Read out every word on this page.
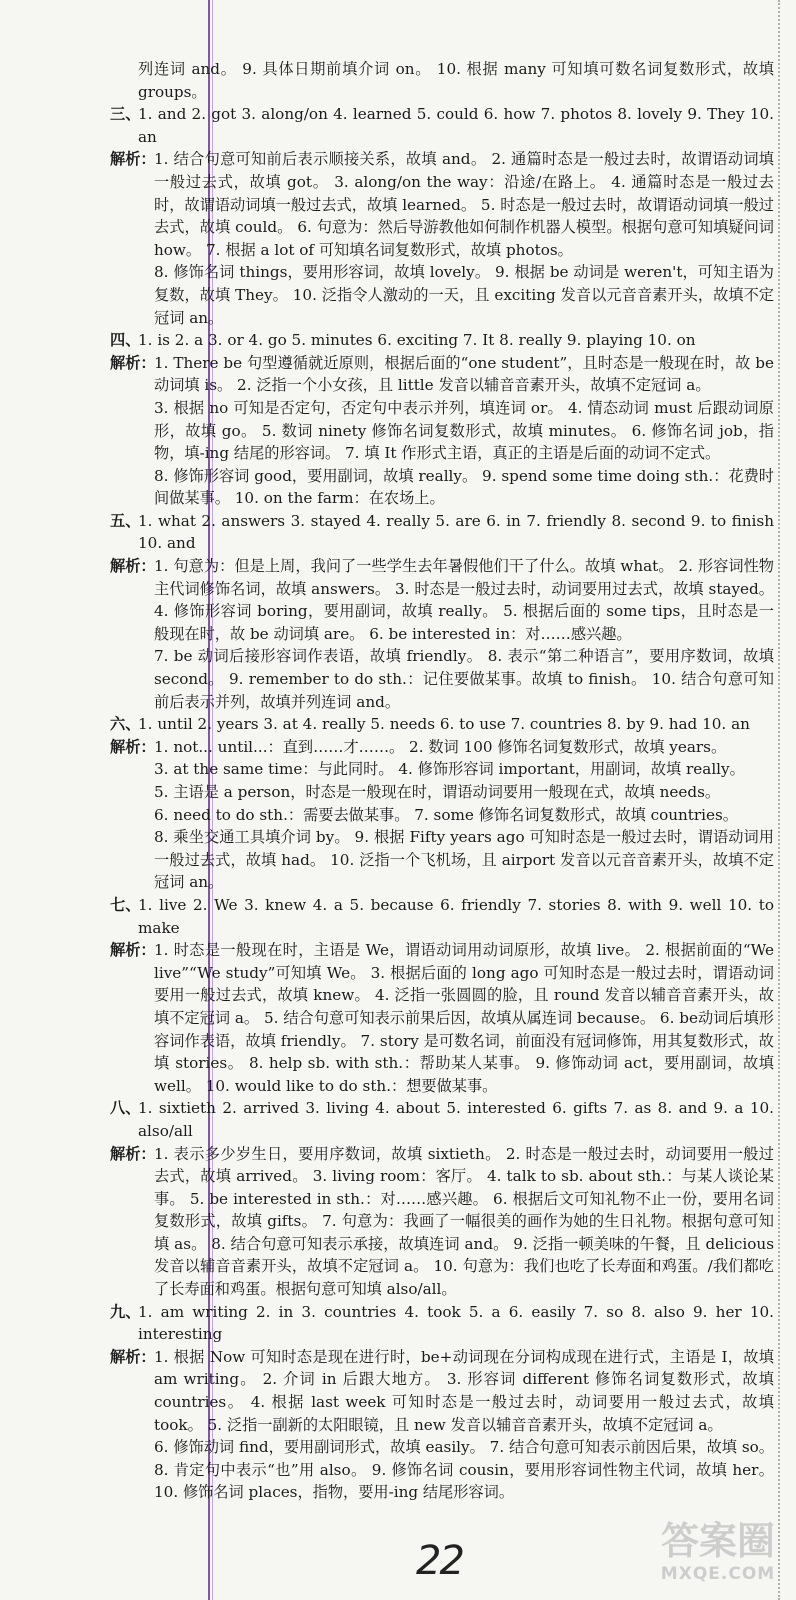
列连词 and。 9. 具体日期前填介词 on。 10. 根据 many 可知填可数名词复数形式，故填 groups。
三、
1. and 2. got 3. along/on 4. learned 5. could 6. how 7. photos 8. lovely 9. They 10. an
解析：
1. 结合句意可知前后表示顺接关系，故填 and。 2. 通篇时态是一般过去时，故谓语动词填一般过去式，故填 got。 3. along/on the way：沿途/在路上。 4. 通篇时态是一般过去时，故谓语动词填一般过去式，故填 learned。 5. 时态是一般过去时，故谓语动词填一般过去式，故填 could。 6. 句意为：然后导游教他如何制作机器人模型。根据句意可知填疑问词 how。 7. 根据 a lot of 可知填名词复数形式，故填 photos。
8. 修饰名词 things，要用形容词，故填 lovely。 9. 根据 be 动词是 weren't，可知主语为复数，故填 They。 10. 泛指令人激动的一天，且 exciting 发音以元音音素开头，故填不定冠词 an。
四、
1. is 2. a 3. or 4. go 5. minutes 6. exciting 7. It 8. really 9. playing 10. on
解析：
1. There be 句型遵循就近原则，根据后面的“one student”，且时态是一般现在时，故 be 动词填 is。 2. 泛指一个小女孩，且 little 发音以辅音音素开头，故填不定冠词 a。
3. 根据 no 可知是否定句，否定句中表示并列，填连词 or。 4. 情态动词 must 后跟动词原形，故填 go。 5. 数词 ninety 修饰名词复数形式，故填 minutes。 6. 修饰名词 job，指物，填-ing 结尾的形容词。 7. 填 It 作形式主语，真正的主语是后面的动词不定式。
8. 修饰形容词 good，要用副词，故填 really。 9. spend some time doing sth.：花费时间做某事。 10. on the farm：在农场上。
五、
1. what 2. answers 3. stayed 4. really 5. are 6. in 7. friendly 8. second 9. to finish 10. and
解析：
1. 句意为：但是上周，我问了一些学生去年暑假他们干了什么。故填 what。 2. 形容词性物主代词修饰名词，故填 answers。 3. 时态是一般过去时，动词要用过去式，故填 stayed。 4. 修饰形容词 boring，要用副词，故填 really。 5. 根据后面的 some tips，且时态是一般现在时，故 be 动词填 are。 6. be interested in：对……感兴趣。
7. be 动词后接形容词作表语，故填 friendly。 8. 表示“第二种语言”，要用序数词，故填 second。 9. remember to do sth.：记住要做某事。故填 to finish。 10. 结合句意可知前后表示并列，故填并列连词 and。
六、
1. until 2. years 3. at 4. really 5. needs 6. to use 7. countries 8. by 9. had 10. an
解析：
1. not... until...：直到……才……。 2. 数词 100 修饰名词复数形式，故填 years。
3. at the same time：与此同时。 4. 修饰形容词 important，用副词，故填 really。
5. 主语是 a person，时态是一般现在时，谓语动词要用一般现在式，故填 needs。
6. need to do sth.：需要去做某事。 7. some 修饰名词复数形式，故填 countries。
8. 乘坐交通工具填介词 by。 9. 根据 Fifty years ago 可知时态是一般过去时，谓语动词用一般过去式，故填 had。 10. 泛指一个飞机场，且 airport 发音以元音音素开头，故填不定冠词 an。
七、
1. live 2. We 3. knew 4. a 5. because 6. friendly 7. stories 8. with 9. well 10. to make
解析：
1. 时态是一般现在时，主语是 We，谓语动词用动词原形，故填 live。 2. 根据前面的“We live”“We study”可知填 We。 3. 根据后面的 long ago 可知时态是一般过去时，谓语动词要用一般过去式，故填 knew。 4. 泛指一张圆圆的脸，且 round 发音以辅音音素开头，故填不定冠词 a。 5. 结合句意可知表示前果后因，故填从属连词 because。 6. be动词后填形容词作表语，故填 friendly。 7. story 是可数名词，前面没有冠词修饰，用其复数形式，故填 stories。 8. help sb. with sth.：帮助某人某事。 9. 修饰动词 act，要用副词，故填 well。 10. would like to do sth.：想要做某事。
八、
1. sixtieth 2. arrived 3. living 4. about 5. interested 6. gifts 7. as 8. and 9. a 10. also/all
解析：
1. 表示多少岁生日，要用序数词，故填 sixtieth。 2. 时态是一般过去时，动词要用一般过去式，故填 arrived。 3. living room：客厅。 4. talk to sb. about sth.：与某人谈论某事。 5. be interested in sth.：对……感兴趣。 6. 根据后文可知礼物不止一份，要用名词复数形式，故填 gifts。 7. 句意为：我画了一幅很美的画作为她的生日礼物。根据句意可知填 as。 8. 结合句意可知表示承接，故填连词 and。 9. 泛指一顿美味的午餐，且 delicious 发音以辅音音素开头，故填不定冠词 a。 10. 句意为：我们也吃了长寿面和鸡蛋。/我们都吃了长寿面和鸡蛋。根据句意可知填 also/all。
九、
1. am writing 2. in 3. countries 4. took 5. a 6. easily 7. so 8. also 9. her 10. interesting
解析：
1. 根据 Now 可知时态是现在进行时，be+动词现在分词构成现在进行式，主语是 I，故填 am writing。 2. 介词 in 后跟大地方。 3. 形容词 different 修饰名词复数形式，故填 countries。 4. 根据 last week 可知时态是一般过去时，动词要用一般过去式，故填 took。 5. 泛指一副新的太阳眼镜，且 new 发音以辅音音素开头，故填不定冠词 a。
6. 修饰动词 find，要用副词形式，故填 easily。 7. 结合句意可知表示前因后果，故填 so。 8. 肯定句中表示“也”用 also。 9. 修饰名词 cousin，要用形容词性物主代词，故填 her。 10. 修饰名词 places，指物，要用-ing 结尾形容词。
22	答案圈
MXQE.COM
